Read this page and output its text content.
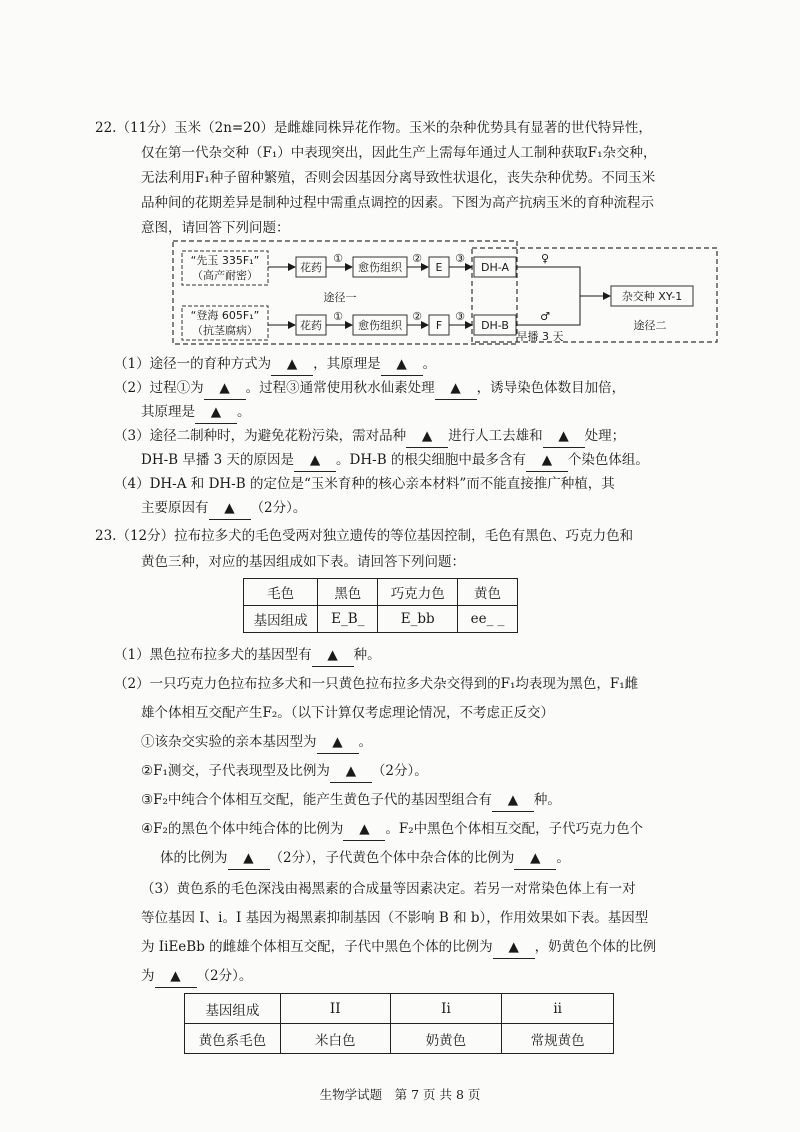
22.（11分）玉米（2n=20）是雌雄同株异花作物。玉米的杂种优势具有显著的世代特异性，
仅在第一代杂交种（F₁）中表现突出，因此生产上需每年通过人工制种获取F₁杂交种，
无法利用F₁种子留种繁殖，否则会因基因分离导致性状退化，丧失杂种优势。不同玉米
品种间的花期差异是制种过程中需重点调控的因素。下图为高产抗病玉米的育种流程示
意图，请回答下列问题：
“先玉 335F₁”
（高产耐密）
“登海 605F₁”
（抗茎腐病）
花药
①
愈伤组织
②
E
③
DH-A
花药
①
愈伤组织
②
F
③
DH-B
♀
♂
杂交种 XY-1
途径一
途径二
早播 3 天
（1）途径一的育种方式为 ▲ ，其原理是 ▲ 。
（2）过程①为 ▲ 。过程③通常使用秋水仙素处理 ▲ ，诱导染色体数目加倍，
其原理是 ▲ 。
（3）途径二制种时，为避免花粉污染，需对品种 ▲ 进行人工去雄和 ▲ 处理；
DH-B 早播 3 天的原因是 ▲ 。DH-B 的根尖细胞中最多含有 ▲ 个染色体组。
（4）DH-A 和 DH-B 的定位是“玉米育种的核心亲本材料”而不能直接推广种植，其
主要原因有 ▲ （2分）。
23.（12分）拉布拉多犬的毛色受两对独立遗传的等位基因控制，毛色有黑色、巧克力色和
黄色三种，对应的基因组成如下表。请回答下列问题：
毛色	黑色	巧克力色	黄色
基因组成	E_B_	E_bb	ee_ _
（1）黑色拉布拉多犬的基因型有 ▲ 种。
（2）一只巧克力色拉布拉多犬和一只黄色拉布拉多犬杂交得到的F₁均表现为黑色，F₁雌
雄个体相互交配产生F₂。（以下计算仅考虑理论情况，不考虑正反交）
①该杂交实验的亲本基因型为 ▲ 。
②F₁测交，子代表现型及比例为 ▲ （2分）。
③F₂中纯合个体相互交配，能产生黄色子代的基因型组合有 ▲ 种。
④F₂的黑色个体中纯合体的比例为 ▲ 。F₂中黑色个体相互交配，子代巧克力色个
体的比例为 ▲ （2分），子代黄色个体中杂合体的比例为 ▲ 。
（3）黄色系的毛色深浅由褐黑素的合成量等因素决定。若另一对常染色体上有一对
等位基因 I、i。I 基因为褐黑素抑制基因（不影响 B 和 b），作用效果如下表。基因型
为 IiEeBb 的雌雄个体相互交配，子代中黑色个体的比例为 ▲ ，奶黄色个体的比例
为 ▲ （2分）。
基因组成	II	Ii	ii
黄色系毛色	米白色	奶黄色	常规黄色
生物学试题　第 7 页 共 8 页
